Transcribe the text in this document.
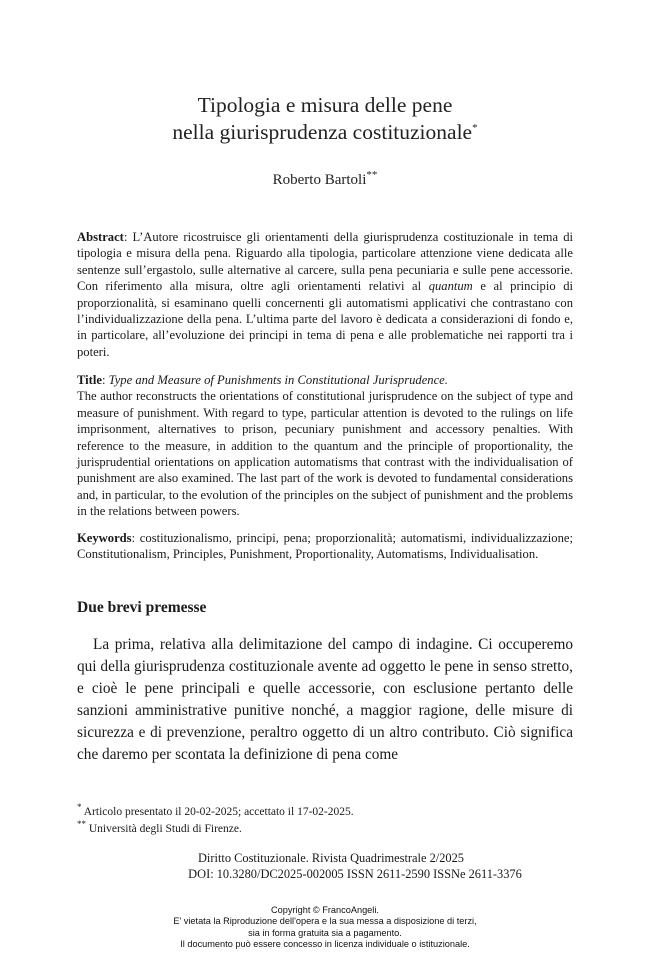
Tipologia e misura delle pene
nella giurisprudenza costituzionale*
Roberto Bartoli**
Abstract: L’Autore ricostruisce gli orientamenti della giurisprudenza costituzionale in tema di tipologia e misura della pena. Riguardo alla tipologia, particolare attenzione viene dedicata alle sentenze sull’ergastolo, sulle alternative al carcere, sulla pena pecuniaria e sulle pene accessorie. Con riferimento alla misura, oltre agli orientamenti relativi al quantum e al principio di proporzionalità, si esaminano quelli concernenti gli automatismi applicativi che contrastano con l’individualizzazione della pena. L’ultima parte del lavoro è dedicata a considerazioni di fondo e, in particolare, all’evoluzione dei principi in tema di pena e alle problematiche nei rapporti tra i poteri.
Title: Type and Measure of Punishments in Constitutional Jurisprudence.
The author reconstructs the orientations of constitutional jurisprudence on the subject of type and measure of punishment. With regard to type, particular attention is devoted to the rulings on life imprisonment, alternatives to prison, pecuniary punishment and accessory penalties. With reference to the measure, in addition to the quantum and the principle of proportionality, the jurisprudential orientations on application automatisms that contrast with the individualisation of punishment are also examined. The last part of the work is devoted to fundamental considerations and, in particular, to the evolution of the principles on the subject of punishment and the problems in the relations between powers.
Keywords: costituzionalismo, principi, pena; proporzionalità; automatismi, individualizzazione; Constitutionalism, Principles, Punishment, Proportionality, Automatisms, Individualisation.
Due brevi premesse
La prima, relativa alla delimitazione del campo di indagine. Ci occuperemo qui della giurisprudenza costituzionale avente ad oggetto le pene in senso stretto, e cioè le pene principali e quelle accessorie, con esclusione pertanto delle sanzioni amministrative punitive nonché, a maggior ragione, delle misure di sicurezza e di prevenzione, peraltro oggetto di un altro contributo. Ciò significa che daremo per scontata la definizione di pena come
* Articolo presentato il 20-02-2025; accettato il 17-02-2025.
** Università degli Studi di Firenze.
Diritto Costituzionale. Rivista Quadrimestrale 2/2025
DOI: 10.3280/DC2025-002005 ISSN 2611-2590 ISSNe 2611-3376
Copyright © FrancoAngeli.
E' vietata la Riproduzione dell'opera e la sua messa a disposizione di terzi,
sia in forma gratuita sia a pagamento.
Il documento può essere concesso in licenza individuale o istituzionale.
